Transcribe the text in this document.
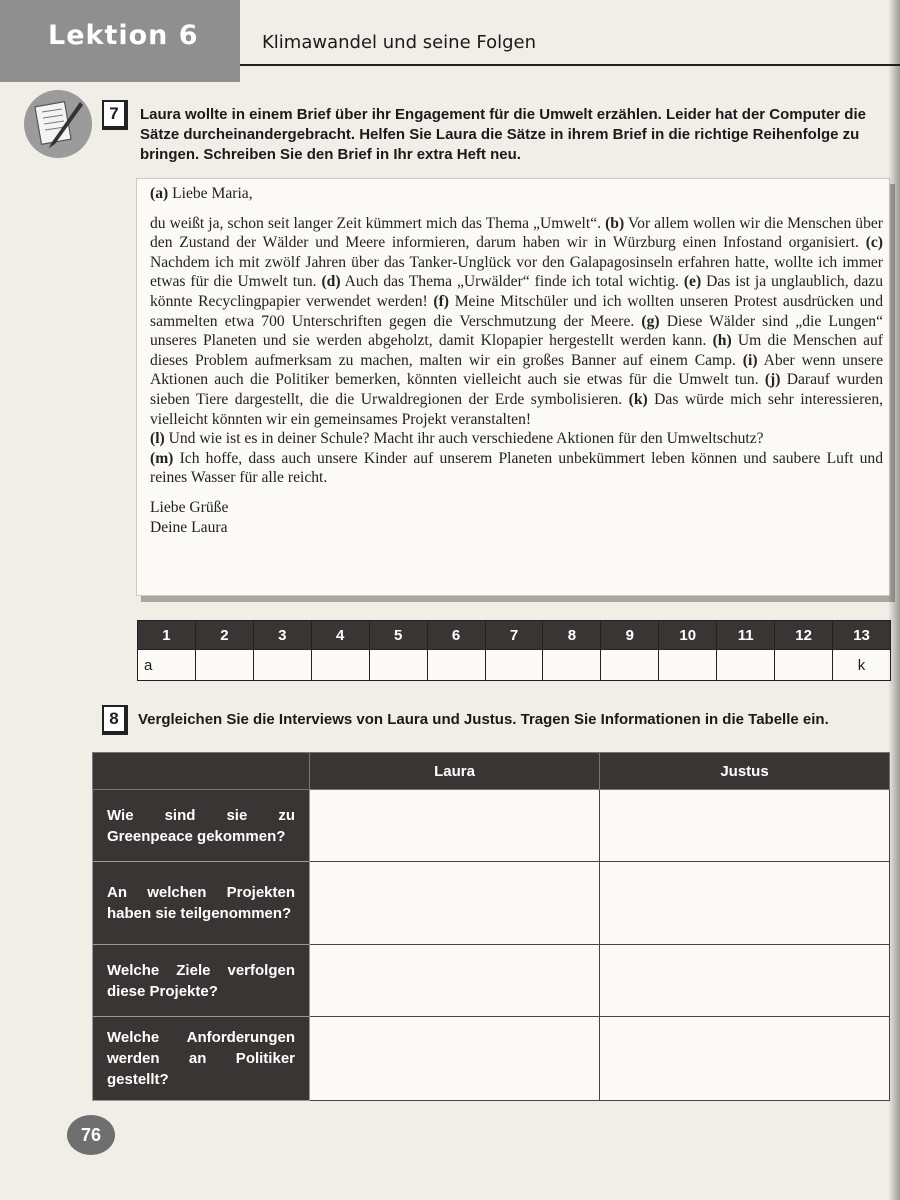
Lektion 6	Klimawandel und seine Folgen
7	Laura wollte in einem Brief über ihr Engagement für die Umwelt erzählen. Leider hat der Computer die Sätze durcheinandergebracht. Helfen Sie Laura die Sätze in ihrem Brief in die richtige Reihenfolge zu bringen. Schreiben Sie den Brief in Ihr extra Heft neu.

(a) Liebe Maria,

du weißt ja, schon seit langer Zeit kümmert mich das Thema „Umwelt“. (b) Vor allem wollen wir die Menschen über den Zustand der Wälder und Meere informieren, darum haben wir in Würzburg einen Infostand organisiert. (c) Nachdem ich mit zwölf Jahren über das Tanker-Unglück vor den Galapagosinseln erfahren hatte, wollte ich immer etwas für die Umwelt tun. (d) Auch das Thema „Urwälder“ finde ich total wichtig. (e) Das ist ja unglaublich, dazu könnte Recyclingpapier verwendet werden! (f) Meine Mitschüler und ich wollten unseren Protest ausdrücken und sammelten etwa 700 Unterschriften gegen die Verschmutzung der Meere. (g) Diese Wälder sind „die Lungen“ unseres Planeten und sie werden abgeholzt, damit Klopapier hergestellt werden kann. (h) Um die Menschen auf dieses Problem aufmerksam zu machen, malten wir ein großes Banner auf einem Camp. (i) Aber wenn unsere Aktionen auch die Politiker bemerken, könnten vielleicht auch sie etwas für die Umwelt tun. (j) Darauf wurden sieben Tiere dargestellt, die die Urwaldregionen der Erde symbolisieren. (k) Das würde mich sehr interessieren, vielleicht könnten wir ein gemeinsames Projekt veranstalten!

(l) Und wie ist es in deiner Schule? Macht ihr auch verschiedene Aktionen für den Umweltschutz?

(m) Ich hoffe, dass auch unsere Kinder auf unserem Planeten unbekümmert leben können und saubere Luft und reines Wasser für alle reicht.

Liebe Grüße

Deine Laura

1	2	3	4	5	6	7	8	9	10	11	12	13
a												k
8	Vergleichen Sie die Interviews von Laura und Justus. Tragen Sie Informationen in die Tabelle ein.
	Laura	Justus
Wie sind sie zu Greenpeace gekommen?		
An welchen Projekten haben sie teilgenommen?		
Welche Ziele verfolgen diese Projekte?		
Welche Anforderungen werden an Politiker gestellt?		
76
